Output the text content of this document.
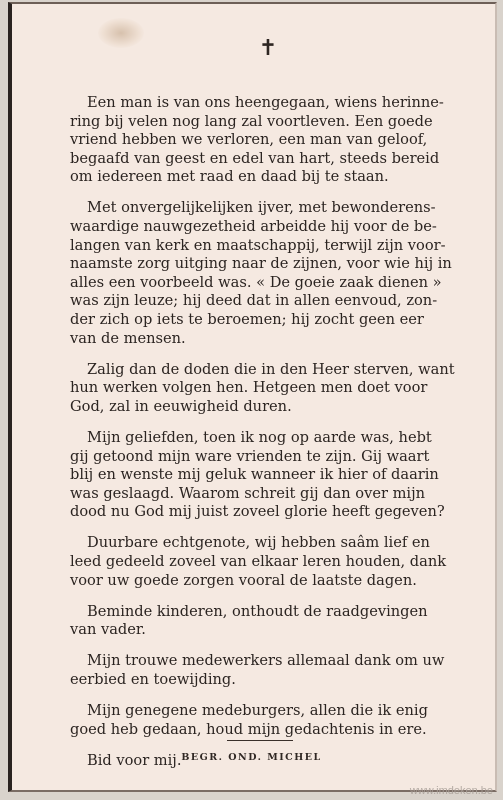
✝
Een man is van ons heengegaan, wiens herinne-
ring bij velen nog lang zal voortleven. Een goede
vriend hebben we verloren, een man van geloof,
begaafd van geest en edel van hart, steeds bereid
om iedereen met raad en daad bij te staan.
Met onvergelijkelijken ijver, met bewonderens-
waardige nauwgezetheid arbeidde hij voor de be-
langen van kerk en maatschappij, terwijl zijn voor-
naamste zorg uitging naar de zijnen, voor wie hij in
alles een voorbeeld was. « De goeie zaak dienen »
was zijn leuze; hij deed dat in allen eenvoud, zon-
der zich op iets te beroemen; hij zocht geen eer
van de mensen.
Zalig dan de doden die in den Heer sterven, want
hun werken volgen hen. Hetgeen men doet voor
God, zal in eeuwigheid duren.
Mijn geliefden, toen ik nog op aarde was, hebt
gij getoond mijn ware vrienden te zijn. Gij waart
blij en wenste mij geluk wanneer ik hier of daarin
was geslaagd. Waarom schreit gij dan over mijn
dood nu God mij juist zoveel glorie heeft gegeven?
Duurbare echtgenote, wij hebben saâm lief en
leed gedeeld zoveel van elkaar leren houden, dank
voor uw goede zorgen vooral de laatste dagen.
Beminde kinderen, onthoudt de raadgevingen
van vader.
Mijn trouwe medewerkers allemaal dank om uw
eerbied en toewijding.
Mijn genegene medeburgers, allen die ik enig
goed heb gedaan, houd mijn gedachtenis in ere.
Bid voor mij. BEGR. OND. MICHEL
www.imdeken.be
